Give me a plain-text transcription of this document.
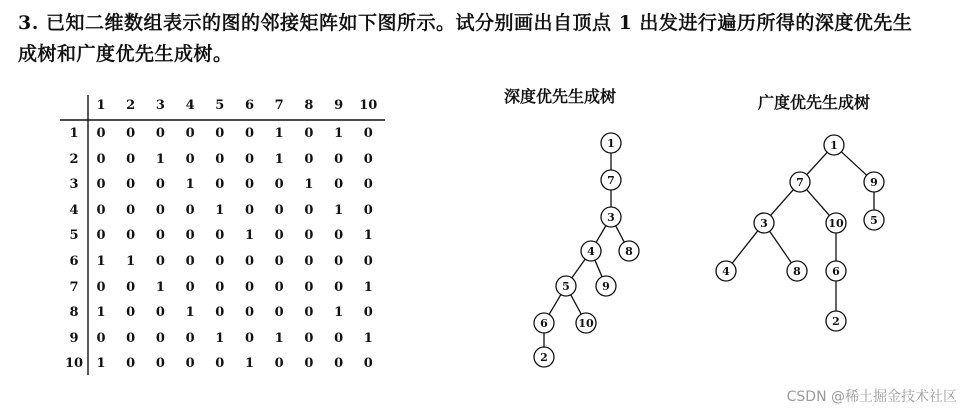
3. 已知二维数组表示的图的邻接矩阵如下图所示。试分别画出自顶点 1 出发进行遍历所得的深度优先生
成树和广度优先生成树。
1	2	3	4	5	6	7	8	9	10
1	0	0	0	0	0	0	1	0	1	0
2	0	0	1	0	0	0	1	0	0	0
3	0	0	0	1	0	0	0	1	0	0
4	0	0	0	0	1	0	0	0	1	0
5	0	0	0	0	0	1	0	0	0	1
6	1	1	0	0	0	0	0	0	0	0
7	0	0	1	0	0	0	0	0	0	1
8	1	0	0	1	0	0	0	0	1	0
9	0	0	0	0	1	0	1	0	0	1
10	1	0	0	0	0	1	0	0	0	0
深度优先生成树
1
7
3
4	8
5	9
6	10
2
广度优先生成树
1
7	9
3	10 5
4	8	6
2
CSDN @稀土掘金技术社区
